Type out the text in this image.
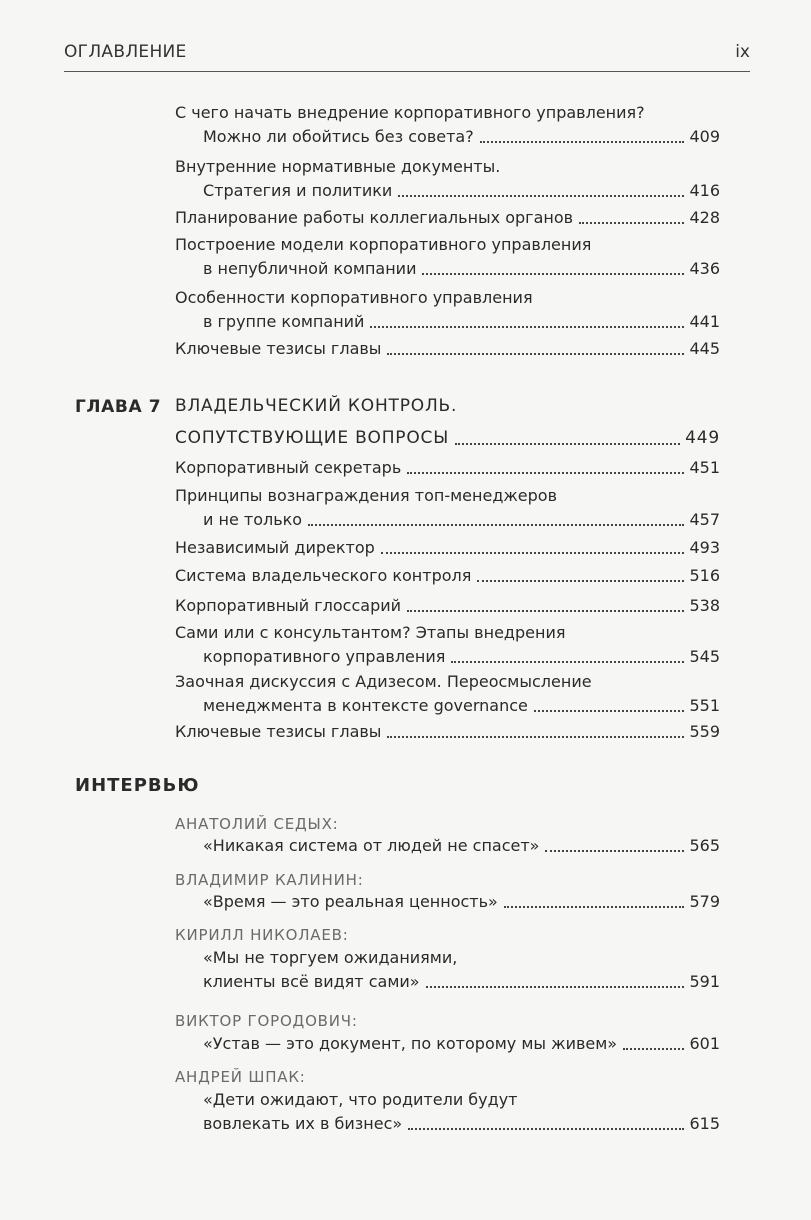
ОГЛАВЛЕНИЕ	ix
С чего начать внедрение корпоративного управления?
Можно ли обойтись без совета?	409
Внутренние нормативные документы.
Стратегия и политики	416
Планирование работы коллегиальных органов	428
Построение модели корпоративного управления
в непубличной компании	436
Особенности корпоративного управления
в группе компаний	441
Ключевые тезисы главы	445
ГЛАВА 7 ВЛАДЕЛЬЧЕСКИЙ КОНТРОЛЬ.
СОПУТСТВУЮЩИЕ ВОПРОСЫ	449
Корпоративный секретарь	451
Принципы вознаграждения топ-менеджеров
и не только	457
Независимый директор	493
Система владельческого контроля	516
Корпоративный глоссарий	538
Сами или с консультантом? Этапы внедрения
корпоративного управления	545
Заочная дискуссия с Адизесом. Переосмысление
менеджмента в контексте governance	551
Ключевые тезисы главы	559
ИНТЕРВЬЮ
АНАТОЛИЙ СЕДЫХ:
«Никакая система от людей не спасет»	565
ВЛАДИМИР КАЛИНИН:
«Время — это реальная ценность»	579
КИРИЛЛ НИКОЛАЕВ:
«Мы не торгуем ожиданиями,
клиенты всё видят сами»	591
ВИКТОР ГОРОДОВИЧ:
«Устав — это документ, по которому мы живем»	601
АНДРЕЙ ШПАК:
«Дети ожидают, что родители будут
вовлекать их в бизнес»	615
